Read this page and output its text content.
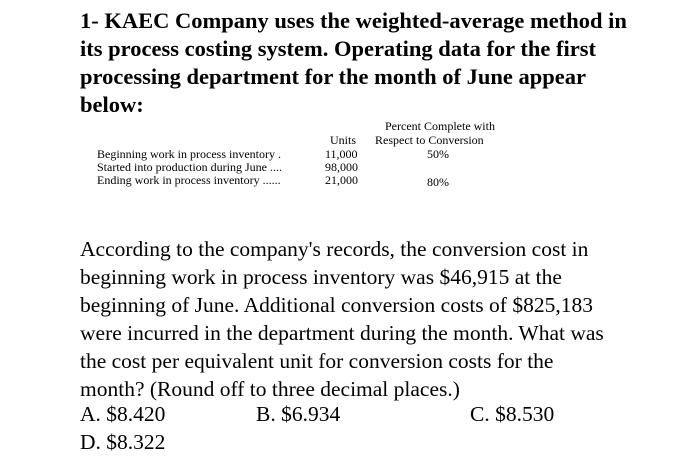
1- KAEC Company uses the weighted-average method in
its process costing system. Operating data for the first
processing department for the month of June appear
below:
Percent Complete with
Respect to Conversion
Units
Beginning work in process inventory .	11,000	50%
Started into production during June ....	98,000
Ending work in process inventory ......	21,000	80%
According to the company's records, the conversion cost in
beginning work in process inventory was $46,915 at the
beginning of June. Additional conversion costs of $825,183
were incurred in the department during the month. What was
the cost per equivalent unit for conversion costs for the
month? (Round off to three decimal places.)
A. $8.420	B. $6.934	C. $8.530
D. $8.322
